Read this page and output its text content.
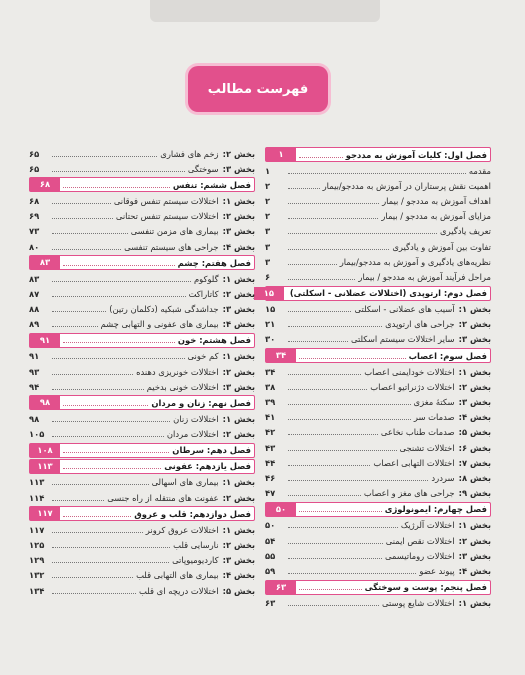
فهرست مطالب
فصل اول: کلیات آموزش به مددجو
۱
مقدمه
۱
اهمیت نقش پرستاران در آموزش به مددجو/بیمار
۲
اهداف آموزش به مددجو / بیمار
۲
مزایای آموزش به مددجو / بیمار
۲
تعریف یادگیری
۳
تفاوت بین آموزش و یادگیری
۳
نظریه‌های یادگیری و آموزش به مددجو/بیمار
۳
مراحل فرآیند آموزش به مددجو / بیمار
۶
فصل دوم: ارتوپدی (اختلالات عضلانی - اسکلتی)
۱۵
بخش ۱:آسیب های عضلانی - اسکلتی
۱۵
بخش ۲:جراحی های ارتوپدی
۲۱
بخش ۳:سایر اختلالات سیستم اسکلتی
۳۰
فصل سوم: اعصاب
۳۴
بخش ۱:اختلالات خودایمنی اعصاب
۳۴
بخش ۲:اختلالات دژنراتیو اعصاب
۳۸
بخش ۳:سکتهٔ مغزی
۳۹
بخش ۴:صدمات سر
۴۱
بخش ۵:صدمات طناب نخاعی
۴۲
بخش ۶:اختلالات تشنجی
۴۳
بخش ۷:اختلالات التهابی اعصاب
۴۴
بخش ۸:سردرد
۴۶
بخش ۹:جراحی های مغز و اعصاب
۴۷
فصل چهارم: ایمونولوژی
۵۰
بخش ۱:اختلالات آلرژیک
۵۰
بخش ۲:اختلالات نقص ایمنی
۵۴
بخش ۳:اختلالات روماتیسمی
۵۵
بخش ۴:پیوند عضو
۵۹
فصل پنجم: پوست و سوختگی
۶۳
بخش ۱:اختلالات شایع پوستی
۶۳
بخش ۲:زخم های فشاری
۶۵
بخش ۳:سوختگی
۶۵
فصل ششم: تنفس
۶۸
بخش ۱:اختلالات سیستم تنفس فوقانی
۶۸
بخش ۲:اختلالات سیستم تنفس تحتانی
۶۹
بخش ۳:بیماری های مزمن تنفسی
۷۳
بخش ۴:جراحی های سیستم تنفسی
۸۰
فصل هفتم: چشم
۸۳
بخش ۱:گلوکوم
۸۳
بخش ۲:کاتاراکت
۸۷
بخش ۳:جداشدگی شبکیه (دکلمان رتین)
۸۸
بخش ۴:بیماری های عفونی و التهابی چشم
۸۹
فصل هشتم: خون
۹۱
بخش ۱:کم خونی
۹۱
بخش ۲:اختلالات خونریزی دهنده
۹۳
بخش ۳:اختلالات خونی بدخیم
۹۴
فصل نهم: زنان و مردان
۹۸
بخش ۱:اختلالات زنان
۹۸
بخش ۲:اختلالات مردان
۱۰۵
فصل دهم: سرطان
۱۰۸
فصل یازدهم: عفونی
۱۱۳
بخش ۱:بیماری های اسهالی
۱۱۳
بخش ۲:عفونت های منتقله از راه جنسی
۱۱۴
فصل دوازدهم: قلب و عروق
۱۱۷
بخش ۱:اختلالات عروق کرونر
۱۱۷
بخش ۲:نارسایی قلب
۱۲۵
بخش ۳:کاردیومیوپاتی
۱۲۹
بخش ۴:بیماری های التهابی قلب
۱۳۲
بخش ۵:اختلالات دریچه ای قلب
۱۳۴
